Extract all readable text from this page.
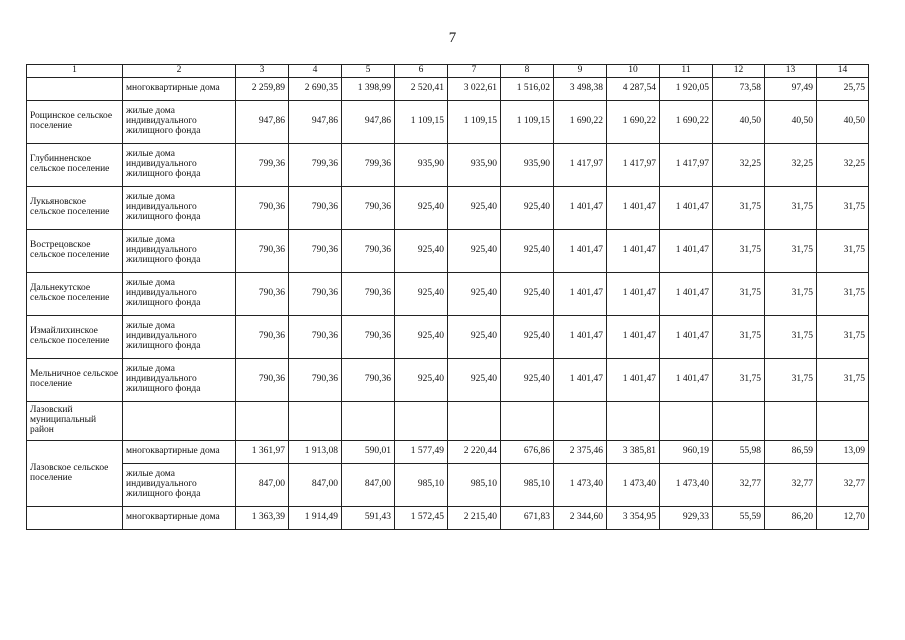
7
1	2	3	4	5	6	7	8	9	10	11	12	13	14
	многоквартирные дома	2 259,89	2 690,35	1 398,99	2 520,41	3 022,61	1 516,02	3 498,38	4 287,54	1 920,05	73,58	97,49	25,75
Рощинское сельское поселение	жилые дома индивидуального жилищного фонда	947,86	947,86	947,86	1 109,15	1 109,15	1 109,15	1 690,22	1 690,22	1 690,22	40,50	40,50	40,50
Глубинненское сельское поселение	жилые дома индивидуального жилищного фонда	799,36	799,36	799,36	935,90	935,90	935,90	1 417,97	1 417,97	1 417,97	32,25	32,25	32,25
Лукьяновское сельское поселение	жилые дома индивидуального жилищного фонда	790,36	790,36	790,36	925,40	925,40	925,40	1 401,47	1 401,47	1 401,47	31,75	31,75	31,75
Вострецовское сельское поселение	жилые дома индивидуального жилищного фонда	790,36	790,36	790,36	925,40	925,40	925,40	1 401,47	1 401,47	1 401,47	31,75	31,75	31,75
Дальнекутское сельское поселение	жилые дома индивидуального жилищного фонда	790,36	790,36	790,36	925,40	925,40	925,40	1 401,47	1 401,47	1 401,47	31,75	31,75	31,75
Измайлихинское сельское поселение	жилые дома индивидуального жилищного фонда	790,36	790,36	790,36	925,40	925,40	925,40	1 401,47	1 401,47	1 401,47	31,75	31,75	31,75
Мельничное сельское поселение	жилые дома индивидуального жилищного фонда	790,36	790,36	790,36	925,40	925,40	925,40	1 401,47	1 401,47	1 401,47	31,75	31,75	31,75
Лазовский муниципальный район													
Лазовское сельское поселение	многоквартирные дома	1 361,97	1 913,08	590,01	1 577,49	2 220,44	676,86	2 375,46	3 385,81	960,19	55,98	86,59	13,09
	жилые дома индивидуального жилищного фонда	847,00	847,00	847,00	985,10	985,10	985,10	1 473,40	1 473,40	1 473,40	32,77	32,77	32,77
	многоквартирные дома	1 363,39	1 914,49	591,43	1 572,45	2 215,40	671,83	2 344,60	3 354,95	929,33	55,59	86,20	12,70
